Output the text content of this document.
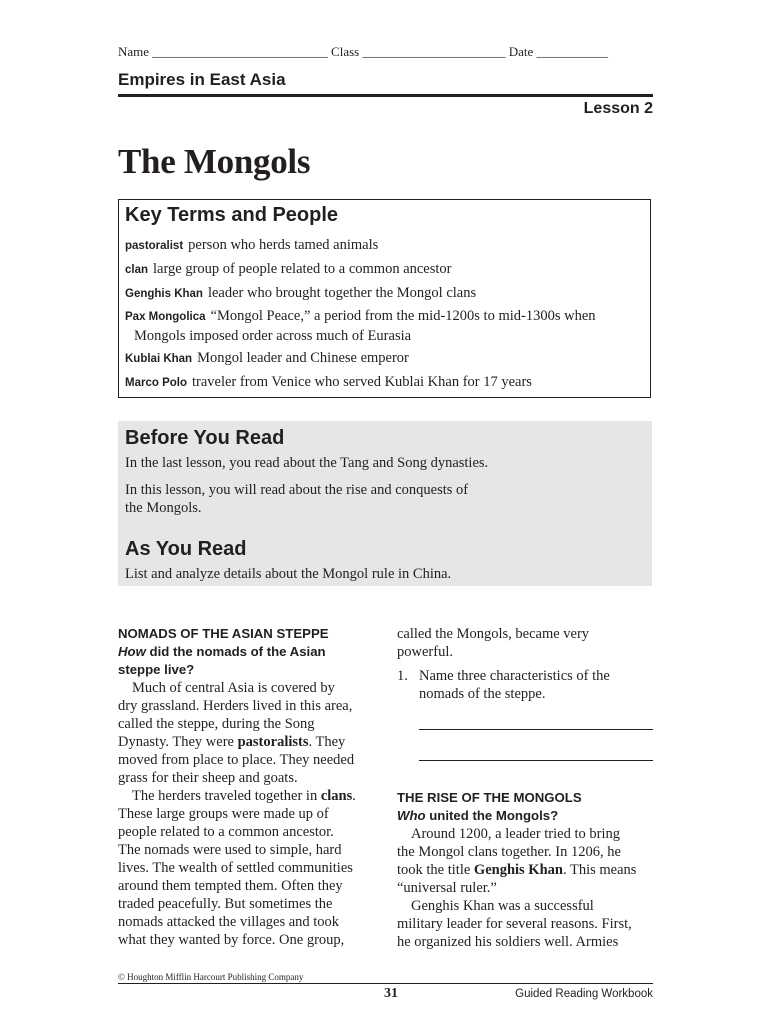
Name ___________________________ Class ______________________ Date ___________
Empires in East Asia
Lesson 2
The Mongols
Key Terms and People
pastoralist person who herds tamed animals
clan large group of people related to a common ancestor
Genghis Khan leader who brought together the Mongol clans
Pax Mongolica “Mongol Peace,” a period from the mid-1200s to mid-1300s when
Mongols imposed order across much of Eurasia
Kublai Khan Mongol leader and Chinese emperor
Marco Polo traveler from Venice who served Kublai Khan for 17 years
Before You Read

In the last lesson, you read about the Tang and Song dynasties.

In this lesson, you will read about the rise and conquests of

the Mongols.

As You Read

List and analyze details about the Mongol rule in China.

NOMADS OF THE ASIAN STEPPE
How did the nomads of the Asian
steppe live?

Much of central Asia is covered by

dry grassland. Herders lived in this area,

called the steppe, during the Song

Dynasty. They were pastoralists. They

moved from place to place. They needed

grass for their sheep and goats.

The herders traveled together in clans.

These large groups were made up of

people related to a common ancestor.

The nomads were used to simple, hard

lives. The wealth of settled communities

around them tempted them. Often they

traded peacefully. But sometimes the

nomads attacked the villages and took

what they wanted by force. One group,

called the Mongols, became very

powerful.

1. Name three characteristics of the

nomads of the steppe.

THE RISE OF THE MONGOLS
Who united the Mongols?

Around 1200, a leader tried to bring

the Mongol clans together. In 1206, he

took the title Genghis Khan. This means

“universal ruler.”

Genghis Khan was a successful

military leader for several reasons. First,

he organized his soldiers well. Armies

© Houghton Mifflin Harcourt Publishing Company
31	Guided Reading Workbook
